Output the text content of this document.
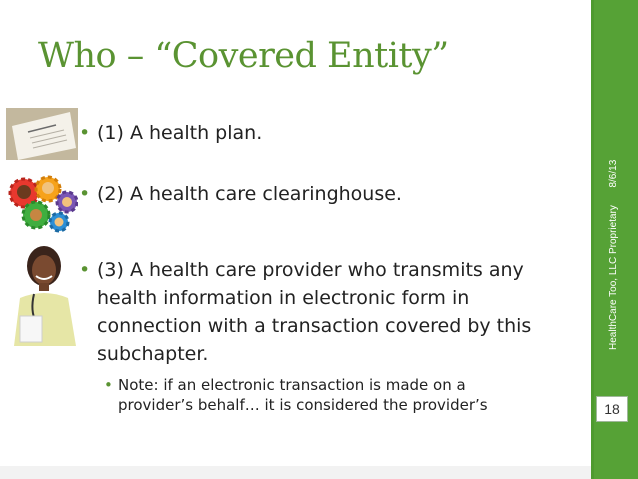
Who – “Covered Entity”
• (1) A health plan.
• (2) A health care clearinghouse.
• (3) A health care provider who transmits any
health information in electronic form in
connection with a transaction covered by this
subchapter.
• Note: if an electronic transaction is made on a
provider’s behalf… it is considered the provider’s
HealthCare Too, LLC Proprietary  8/6/13
18
